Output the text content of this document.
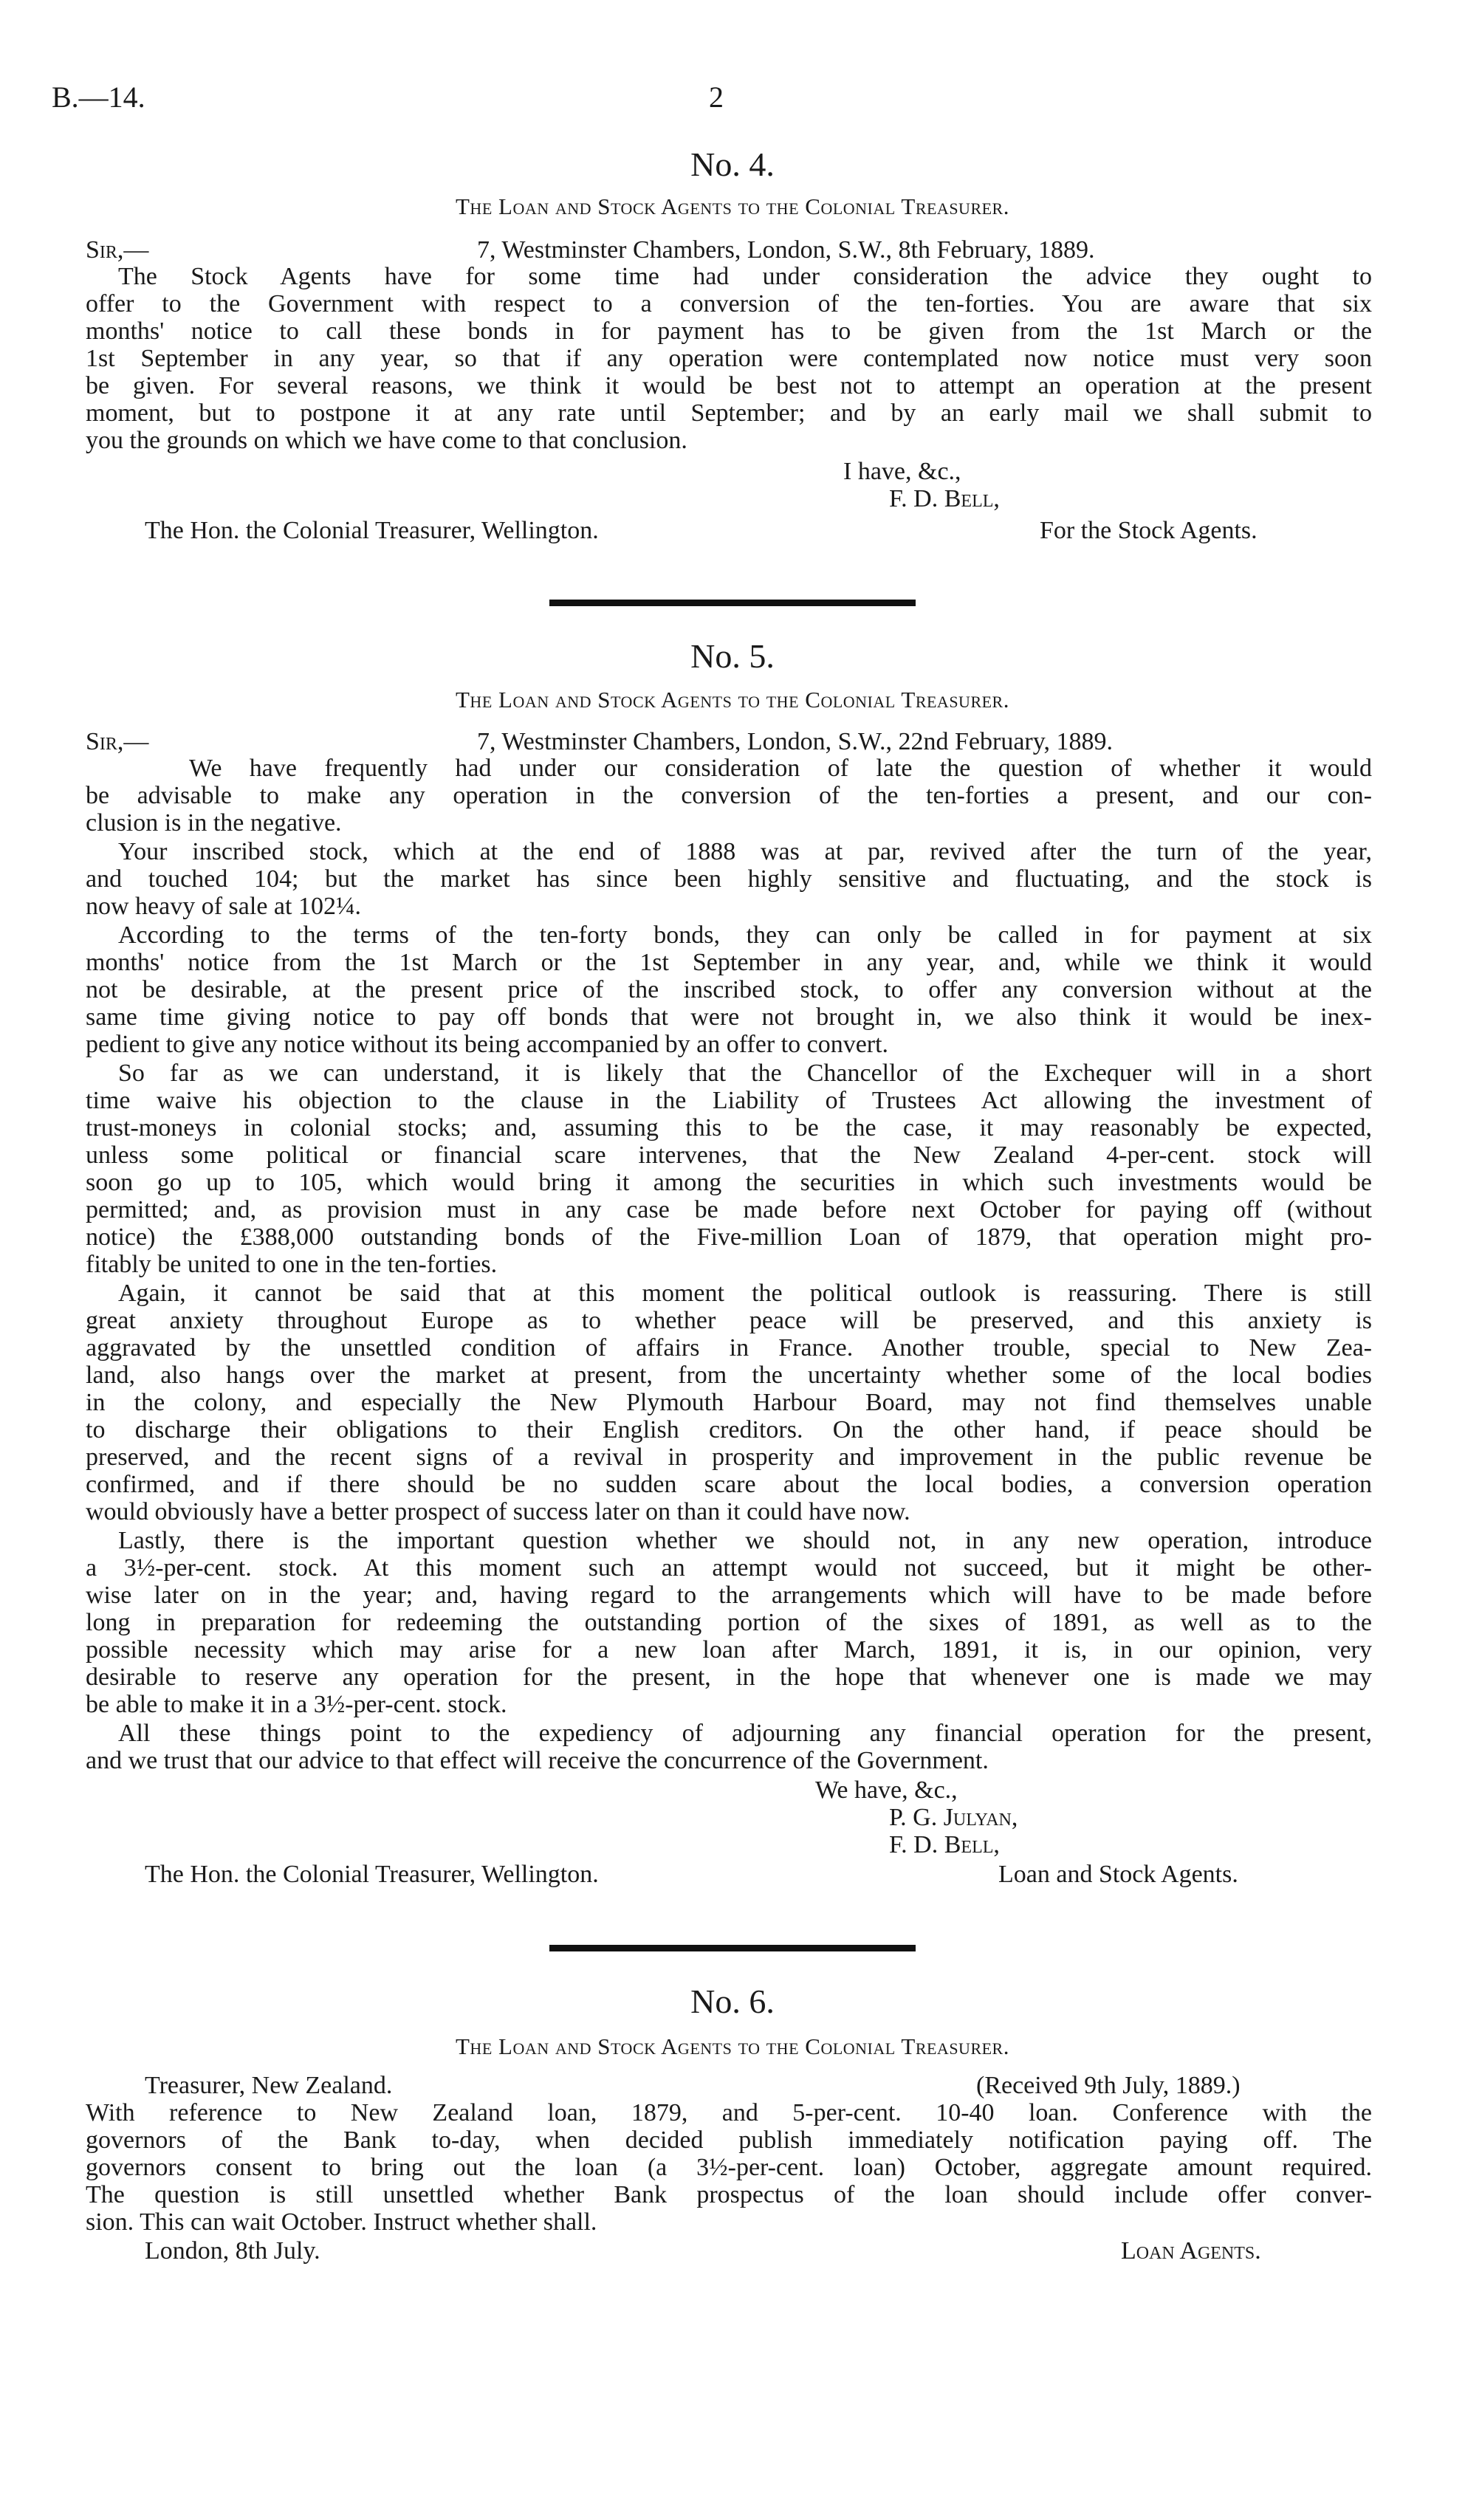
B.—14.	2
No. 4.
The Loan and Stock Agents to the Colonial Treasurer.
Sir,—	7, Westminster Chambers, London, S.W., 8th February, 1889.
The Stock Agents have for some time had under consideration the advice they ought to
offer to the Government with respect to a conversion of the ten-forties. You are aware that six
months' notice to call these bonds in for payment has to be given from the 1st March or the
1st September in any year, so that if any operation were contemplated now notice must very soon
be given. For several reasons, we think it would be best not to attempt an operation at the present
moment, but to postpone it at any rate until September; and by an early mail we shall submit to
you the grounds on which we have come to that conclusion.
I have, &c.,
F. D. Bell,
The Hon. the Colonial Treasurer, Wellington.	For the Stock Agents.
No. 5.
The Loan and Stock Agents to the Colonial Treasurer.
Sir,—	7, Westminster Chambers, London, S.W., 22nd February, 1889.
We have frequently had under our consideration of late the question of whether it would
be advisable to make any operation in the conversion of the ten-forties a present, and our con-
clusion is in the negative.
Your inscribed stock, which at the end of 1888 was at par, revived after the turn of the year,
and touched 104; but the market has since been highly sensitive and fluctuating, and the stock is
now heavy of sale at 102¼.
According to the terms of the ten-forty bonds, they can only be called in for payment at six
months' notice from the 1st March or the 1st September in any year, and, while we think it would
not be desirable, at the present price of the inscribed stock, to offer any conversion without at the
same time giving notice to pay off bonds that were not brought in, we also think it would be inex-
pedient to give any notice without its being accompanied by an offer to convert.
So far as we can understand, it is likely that the Chancellor of the Exchequer will in a short
time waive his objection to the clause in the Liability of Trustees Act allowing the investment of
trust-moneys in colonial stocks; and, assuming this to be the case, it may reasonably be expected,
unless some political or financial scare intervenes, that the New Zealand 4-per-cent. stock will
soon go up to 105, which would bring it among the securities in which such investments would be
permitted; and, as provision must in any case be made before next October for paying off (without
notice) the £388,000 outstanding bonds of the Five-million Loan of 1879, that operation might pro-
fitably be united to one in the ten-forties.
Again, it cannot be said that at this moment the political outlook is reassuring. There is still
great anxiety throughout Europe as to whether peace will be preserved, and this anxiety is
aggravated by the unsettled condition of affairs in France. Another trouble, special to New Zea-
land, also hangs over the market at present, from the uncertainty whether some of the local bodies
in the colony, and especially the New Plymouth Harbour Board, may not find themselves unable
to discharge their obligations to their English creditors. On the other hand, if peace should be
preserved, and the recent signs of a revival in prosperity and improvement in the public revenue be
confirmed, and if there should be no sudden scare about the local bodies, a conversion operation
would obviously have a better prospect of success later on than it could have now.
Lastly, there is the important question whether we should not, in any new operation, introduce
a 3½-per-cent. stock. At this moment such an attempt would not succeed, but it might be other-
wise later on in the year; and, having regard to the arrangements which will have to be made before
long in preparation for redeeming the outstanding portion of the sixes of 1891, as well as to the
possible necessity which may arise for a new loan after March, 1891, it is, in our opinion, very
desirable to reserve any operation for the present, in the hope that whenever one is made we may
be able to make it in a 3½-per-cent. stock.
All these things point to the expediency of adjourning any financial operation for the present,
and we trust that our advice to that effect will receive the concurrence of the Government.
We have, &c.,
P. G. Julyan,
F. D. Bell,
The Hon. the Colonial Treasurer, Wellington.	Loan and Stock Agents.
No. 6.
The Loan and Stock Agents to the Colonial Treasurer.
Treasurer, New Zealand.	(Received 9th July, 1889.)
With reference to New Zealand loan, 1879, and 5-per-cent. 10-40 loan. Conference with the
governors of the Bank to-day, when decided publish immediately notification paying off. The
governors consent to bring out the loan (a 3½-per-cent. loan) October, aggregate amount required.
The question is still unsettled whether Bank prospectus of the loan should include offer conver-
sion. This can wait October. Instruct whether shall.
London, 8th July.	Loan Agents.
